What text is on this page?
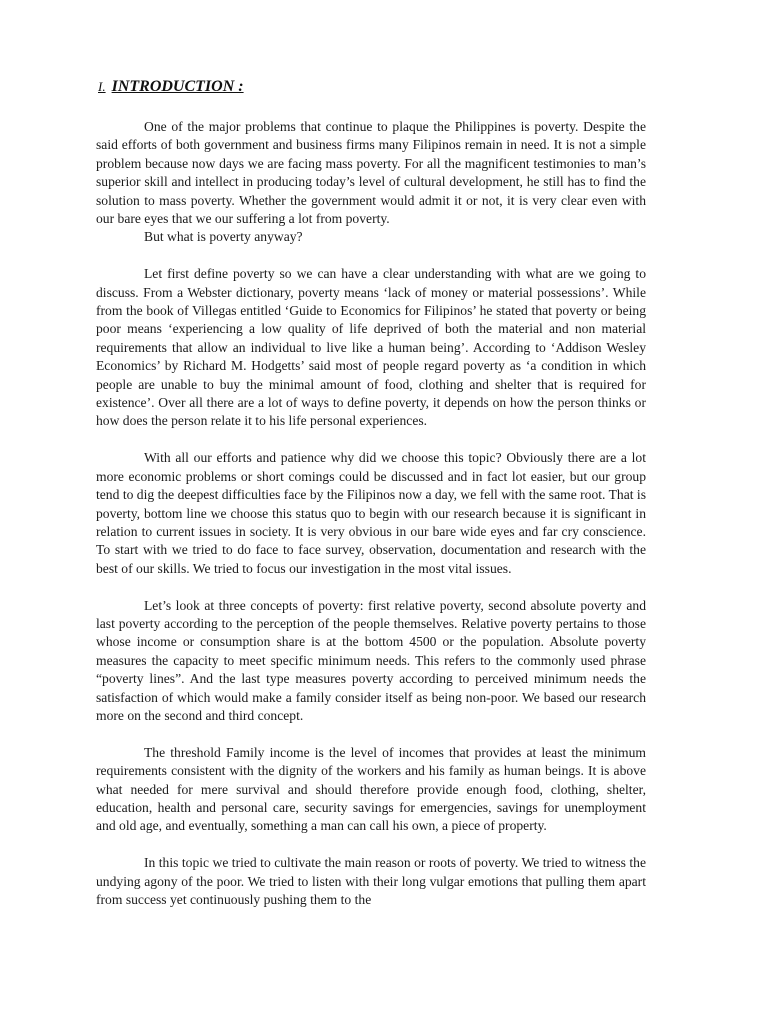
I. INTRODUCTION :

One of the major problems that continue to plaque the Philippines is poverty. Despite the said efforts of both government and business firms many Filipinos remain in need. It is not a simple problem because now days we are facing mass poverty. For all the magnificent testimonies to man’s superior skill and intellect in producing today’s level of cultural development, he still has to find the solution to mass poverty. Whether the government would admit it or not, it is very clear even with our bare eyes that we our suffering a lot from poverty.

But what is poverty anyway?

Let first define poverty so we can have a clear understanding with what are we going to discuss. From a Webster dictionary, poverty means ‘lack of money or material possessions’. While from the book of Villegas entitled ‘Guide to Economics for Filipinos’ he stated that poverty or being poor means ‘experiencing a low quality of life deprived of both the material and non material requirements that allow an individual to live like a human being’. According to ‘Addison Wesley Economics’ by Richard M. Hodgetts’ said most of people regard poverty as ‘a condition in which people are unable to buy the minimal amount of food, clothing and shelter that is required for existence’. Over all there are a lot of ways to define poverty, it depends on how the person thinks or how does the person relate it to his life personal experiences.

With all our efforts and patience why did we choose this topic? Obviously there are a lot more economic problems or short comings could be discussed and in fact lot easier, but our group tend to dig the deepest difficulties face by the Filipinos now a day, we fell with the same root. That is poverty, bottom line we choose this status quo to begin with our research because it is significant in relation to current issues in society. It is very obvious in our bare wide eyes and far cry conscience. To start with we tried to do face to face survey, observation, documentation and research with the best of our skills. We tried to focus our investigation in the most vital issues.

Let’s look at three concepts of poverty: first relative poverty, second absolute poverty and last poverty according to the perception of the people themselves. Relative poverty pertains to those whose income or consumption share is at the bottom 4500 or the population. Absolute poverty measures the capacity to meet specific minimum needs. This refers to the commonly used phrase “poverty lines”. And the last type measures poverty according to perceived minimum needs the satisfaction of which would make a family consider itself as being non-poor. We based our research more on the second and third concept.

The threshold Family income is the level of incomes that provides at least the minimum requirements consistent with the dignity of the workers and his family as human beings. It is above what needed for mere survival and should therefore provide enough food, clothing, shelter, education, health and personal care, security savings for emergencies, savings for unemployment and old age, and eventually, something a man can call his own, a piece of property.

In this topic we tried to cultivate the main reason or roots of poverty. We tried to witness the undying agony of the poor. We tried to listen with their long vulgar emotions that pulling them apart from success yet continuously pushing them to the
